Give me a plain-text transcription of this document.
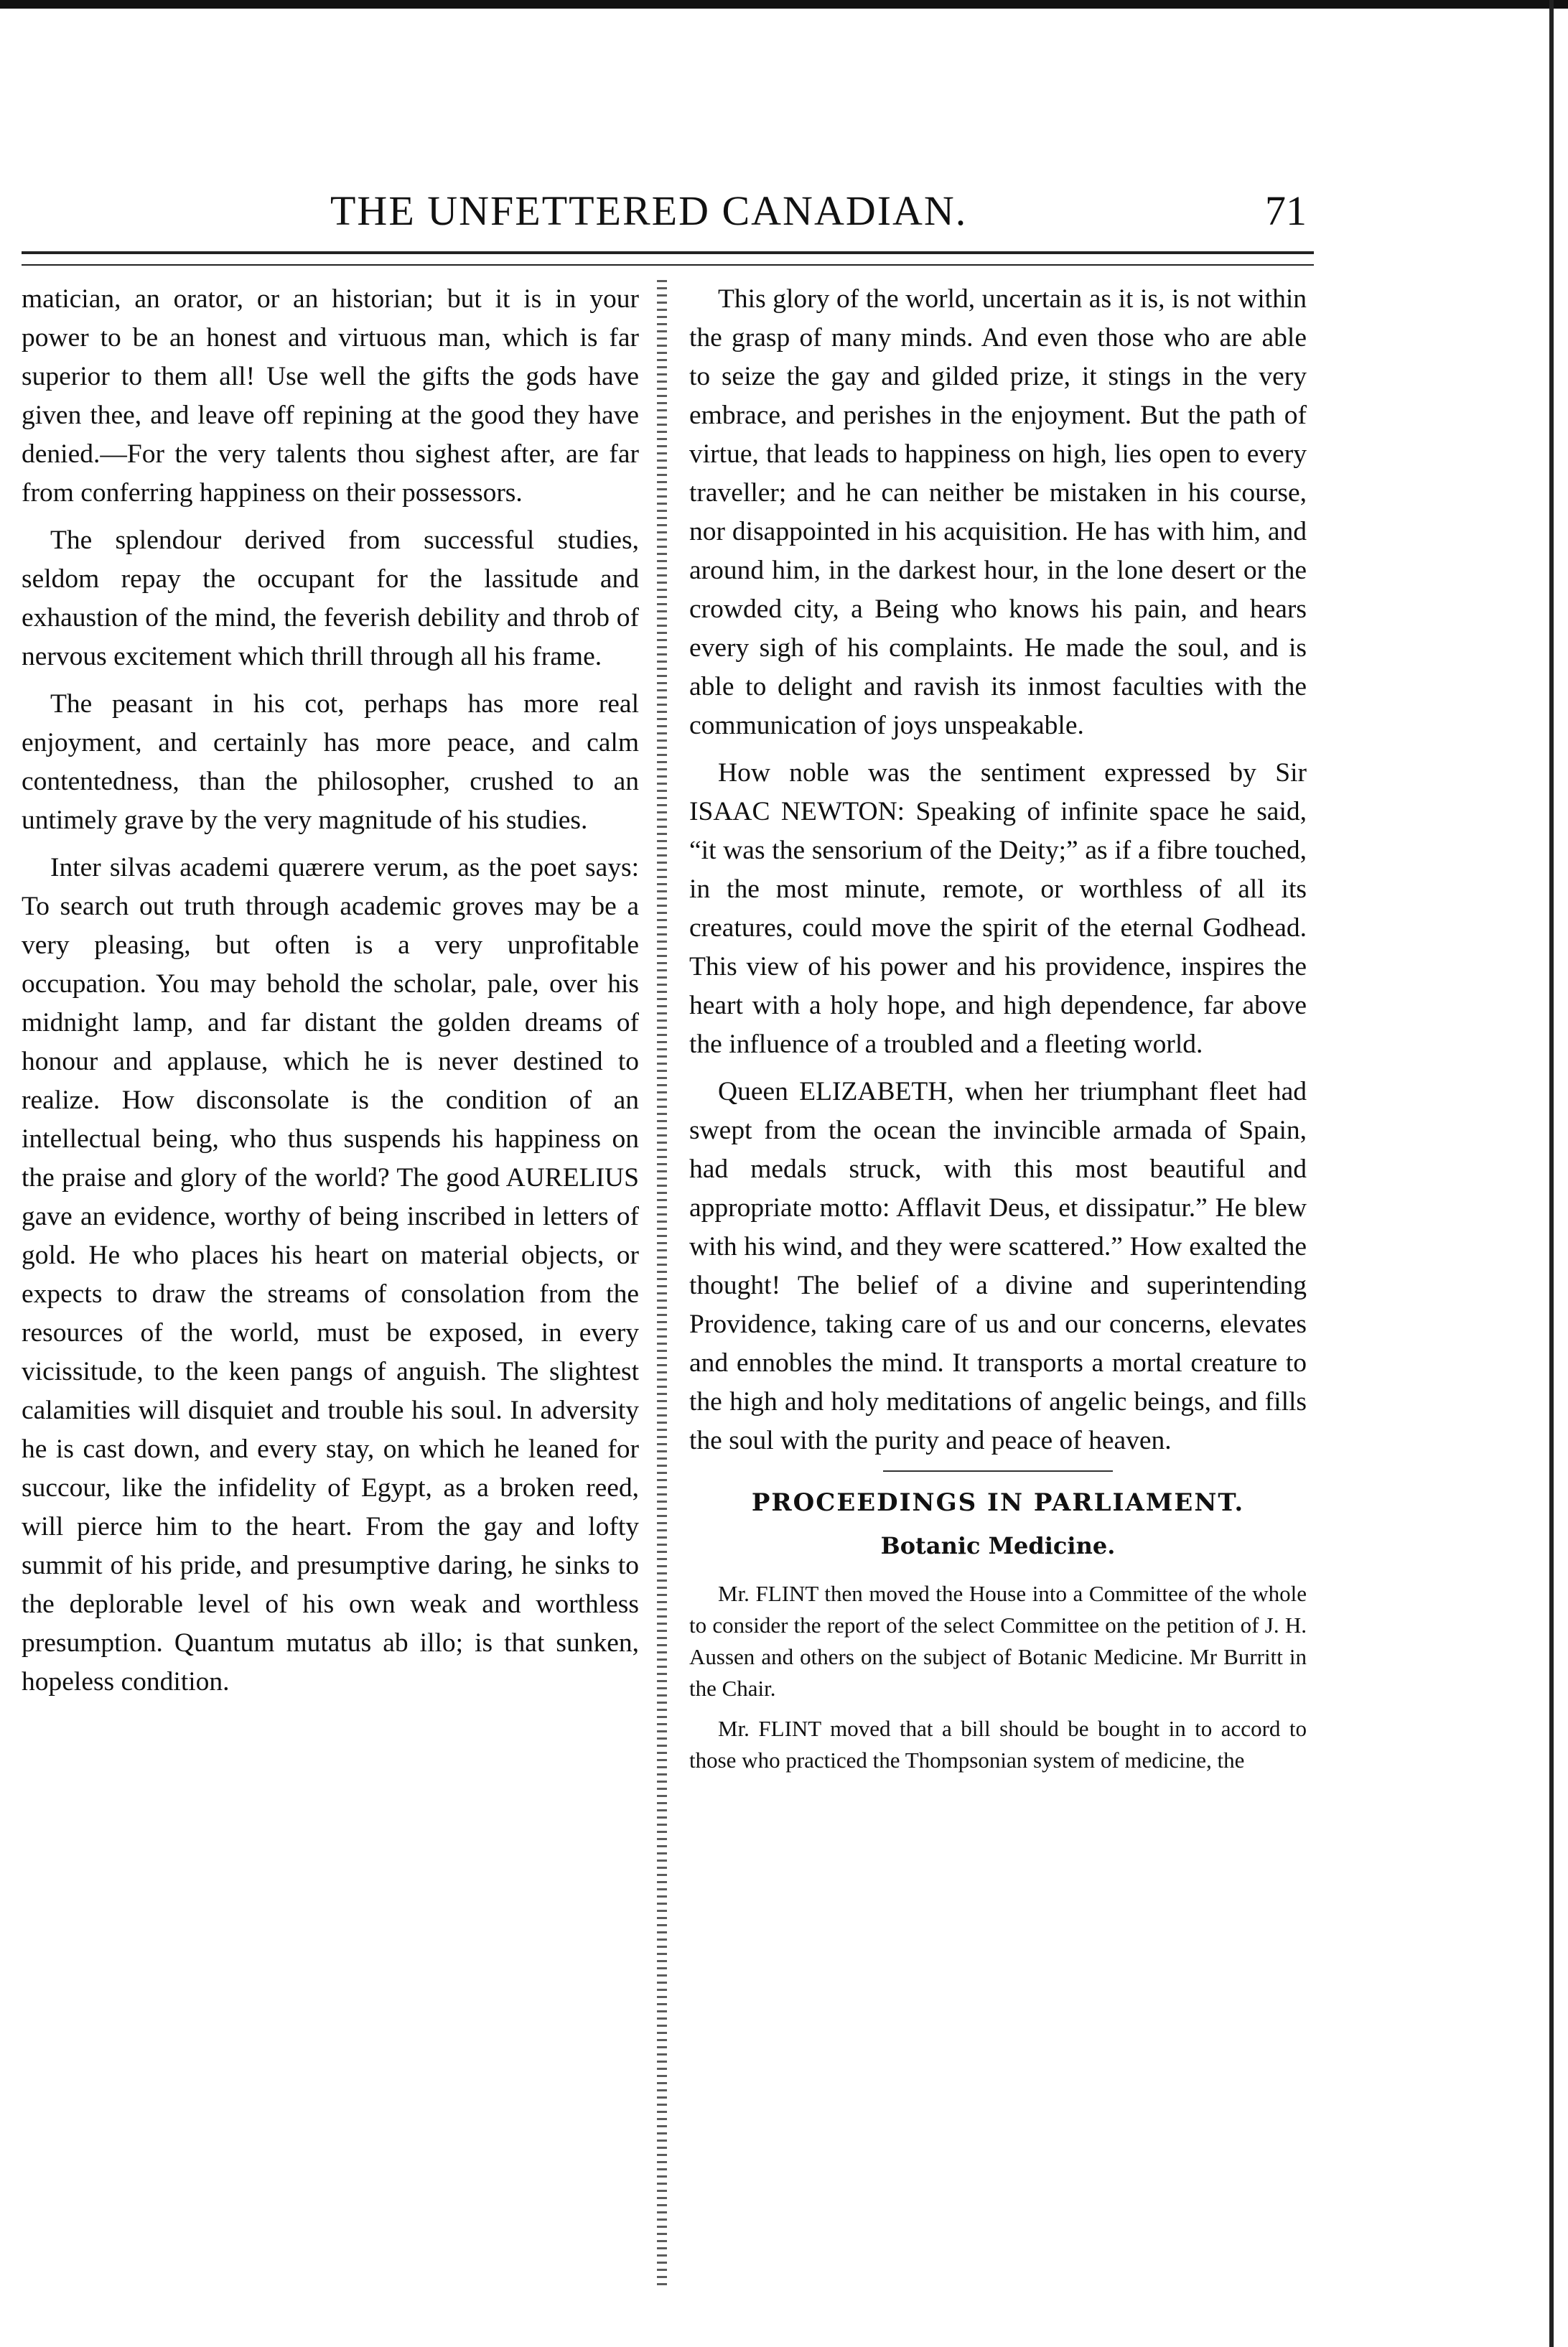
THE UNFETTERED CANADIAN.	71

matician, an orator, or an historian; but it is in your power to be an honest and virtuous man, which is far superior to them all! Use well the gifts the gods have given thee, and leave off repining at the good they have denied.—For the very talents thou sighest after, are far from conferring happiness on their possessors.

The splendour derived from successful studies, seldom repay the occupant for the lassitude and exhaustion of the mind, the feverish debility and throb of nervous excitement which thrill through all his frame.

The peasant in his cot, perhaps has more real enjoyment, and certainly has more peace, and calm contentedness, than the philosopher, crushed to an untimely grave by the very magnitude of his studies.

Inter silvas academi quærere verum, as the poet says: To search out truth through academic groves may be a very pleasing, but often is a very unprofitable occupation. You may behold the scholar, pale, over his midnight lamp, and far distant the golden dreams of honour and applause, which he is never destined to realize. How disconsolate is the condition of an intellectual being, who thus suspends his happiness on the praise and glory of the world? The good AURELIUS gave an evidence, worthy of being inscribed in letters of gold. He who places his heart on material objects, or expects to draw the streams of consolation from the resources of the world, must be exposed, in every vicissitude, to the keen pangs of anguish. The slightest calamities will disquiet and trouble his soul. In adversity he is cast down, and every stay, on which he leaned for succour, like the infidelity of Egypt, as a broken reed, will pierce him to the heart. From the gay and lofty summit of his pride, and presumptive daring, he sinks to the deplorable level of his own weak and worthless presumption. Quantum mutatus ab illo; is that sunken, hopeless condition.

This glory of the world, uncertain as it is, is not within the grasp of many minds. And even those who are able to seize the gay and gilded prize, it stings in the very embrace, and perishes in the enjoyment. But the path of virtue, that leads to happiness on high, lies open to every traveller; and he can neither be mistaken in his course, nor disappointed in his acquisition. He has with him, and around him, in the darkest hour, in the lone desert or the crowded city, a Being who knows his pain, and hears every sigh of his complaints. He made the soul, and is able to delight and ravish its inmost faculties with the communication of joys unspeakable.

How noble was the sentiment expressed by Sir ISAAC NEWTON: Speaking of infinite space he said, “it was the sensorium of the Deity;” as if a fibre touched, in the most minute, remote, or worthless of all its creatures, could move the spirit of the eternal Godhead. This view of his power and his providence, inspires the heart with a holy hope, and high dependence, far above the influence of a troubled and a fleeting world.

Queen ELIZABETH, when her triumphant fleet had swept from the ocean the invincible armada of Spain, had medals struck, with this most beautiful and appropriate motto: Afflavit Deus, et dissipatur.” He blew with his wind, and they were scattered.” How exalted the thought! The belief of a divine and superintending Providence, taking care of us and our concerns, elevates and ennobles the mind. It transports a mortal creature to the high and holy meditations of angelic beings, and fills the soul with the purity and peace of heaven.

PROCEEDINGS IN PARLIAMENT.

Botanic Medicine.

Mr. FLINT then moved the House into a Committee of the whole to consider the report of the select Committee on the petition of J. H. Aussen and others on the subject of Botanic Medicine. Mr Burritt in the Chair.

Mr. FLINT moved that a bill should be bought in to accord to those who practiced the Thompsonian system of medicine, the
